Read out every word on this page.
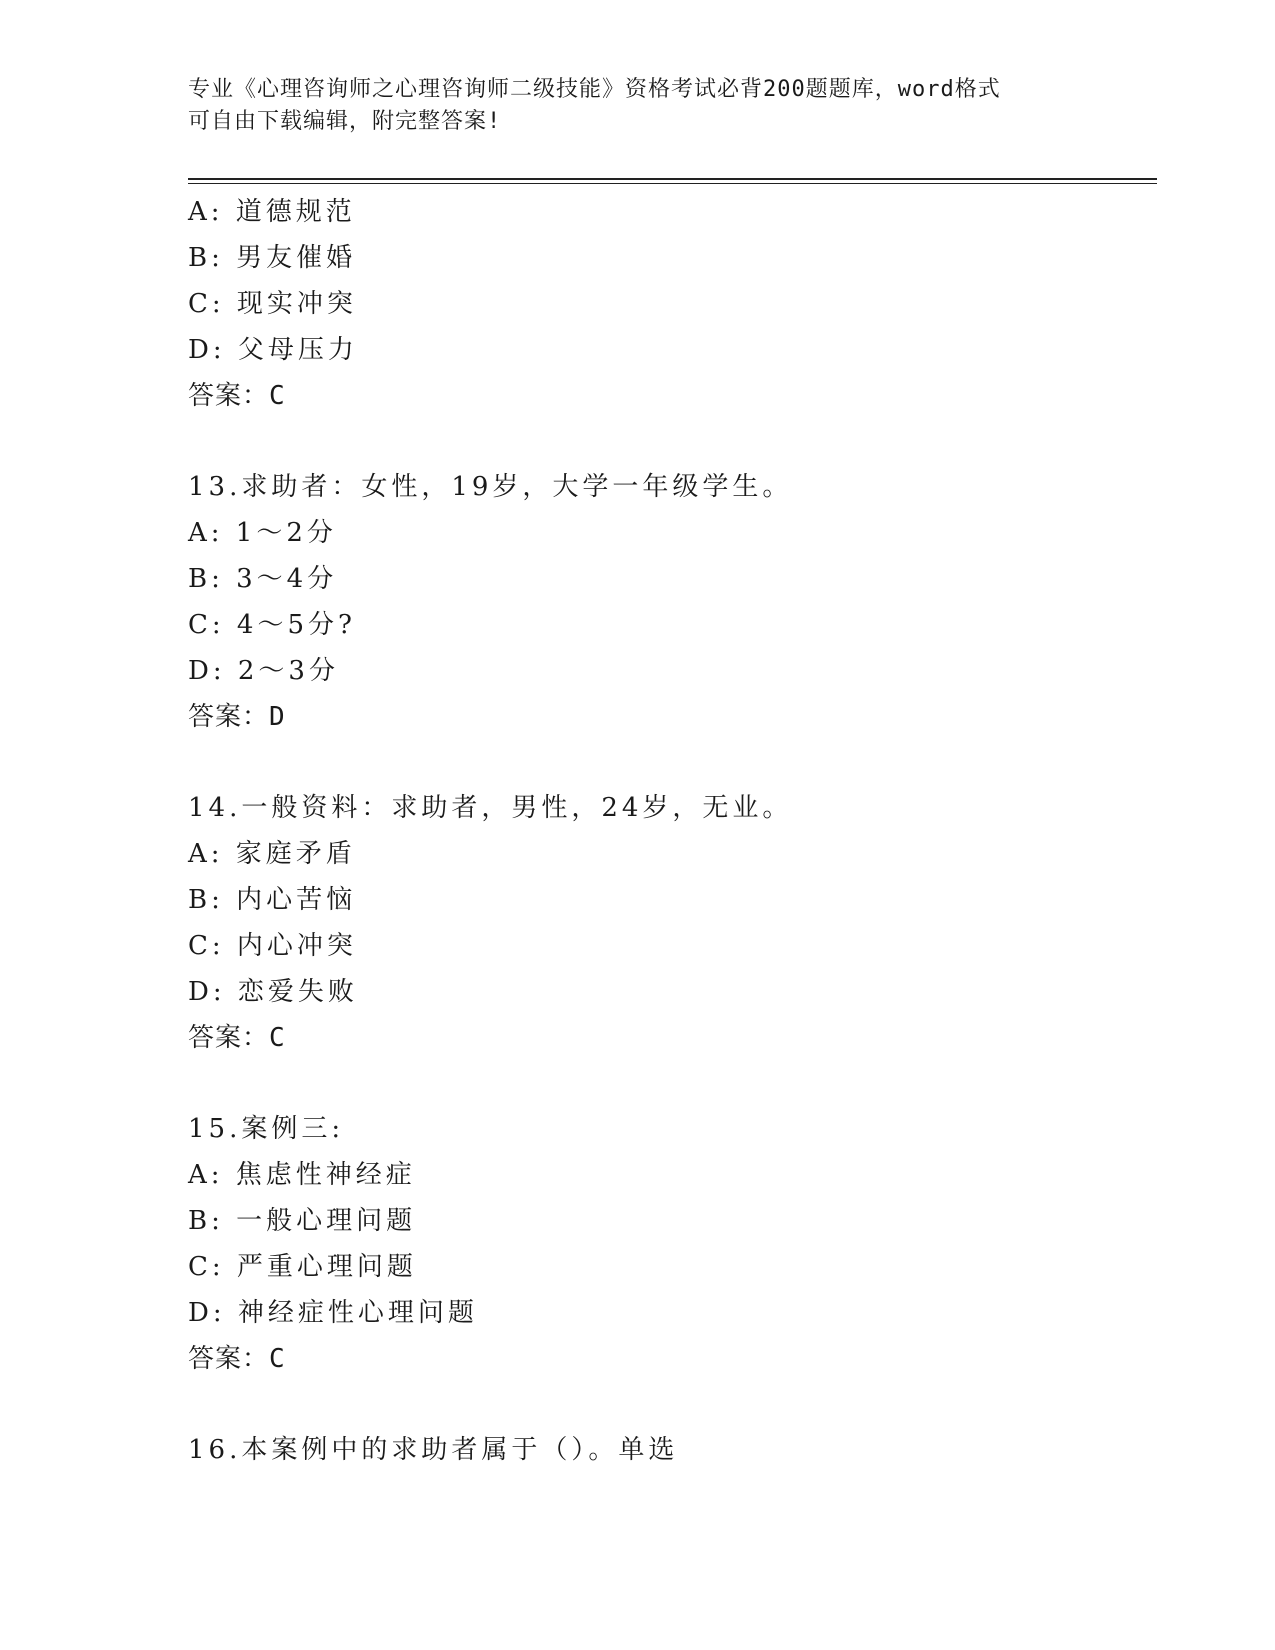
专业《心理咨询师之心理咨询师二级技能》资格考试必背200题题库，word格式
可自由下载编辑，附完整答案!
A: 道德规范
B: 男友催婚
C: 现实冲突
D: 父母压力
答案：C
13.求助者：女性，19岁，大学一年级学生。
A: 1～2分
B: 3～4分
C: 4～5分?
D: 2～3分
答案：D
14.一般资料：求助者，男性，24岁，无业。
A: 家庭矛盾
B: 内心苦恼
C: 内心冲突
D: 恋爱失败
答案：C
15.案例三:
A: 焦虑性神经症
B: 一般心理问题
C: 严重心理问题
D: 神经症性心理问题
答案：C
16.本案例中的求助者属于（）。单选
